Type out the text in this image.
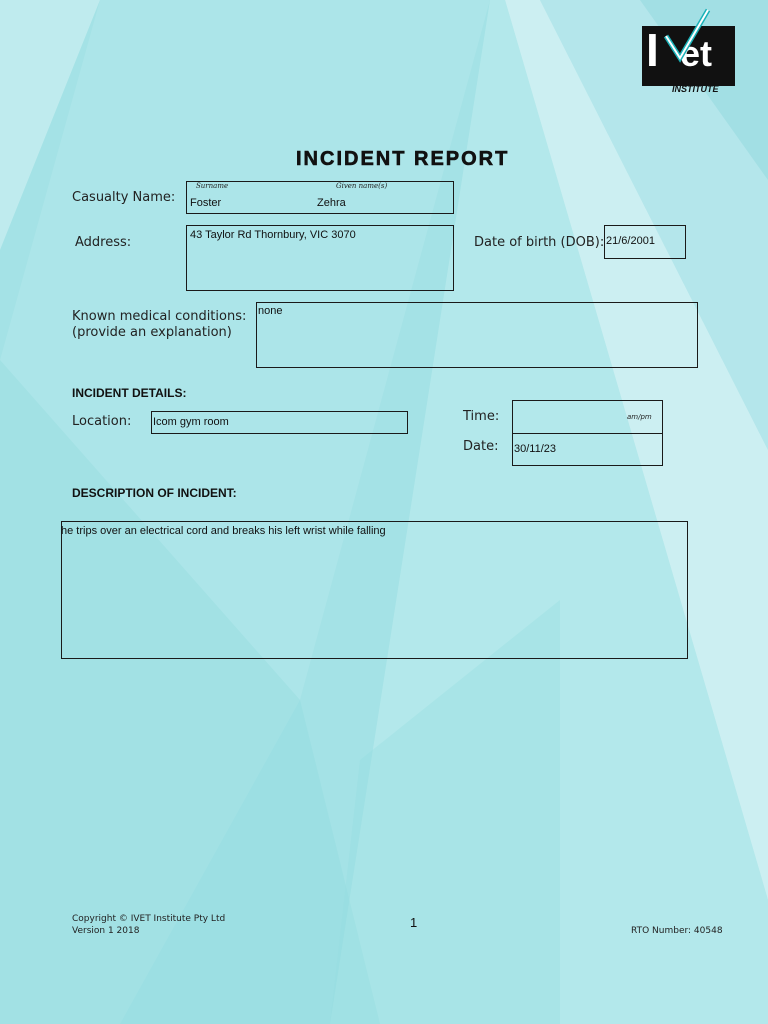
I et
INSTITUTE
INCIDENT REPORT
Casualty Name:
Surname	Given name(s)
Foster	Zehra
Address:	43 Taylor Rd Thornbury, VIC 3070	Date of birth (DOB): 21/6/2001
Known medical conditions:
(provide an explanation)
none
INCIDENT DETAILS:
Location: Icom gym room	Time:	am/pm
Date: 30/11/23
DESCRIPTION OF INCIDENT:
he trips over an electrical cord and breaks his left wrist while falling
Copyright © IVET Institute Pty Ltd
Version 1 2018
1
RTO Number: 40548
